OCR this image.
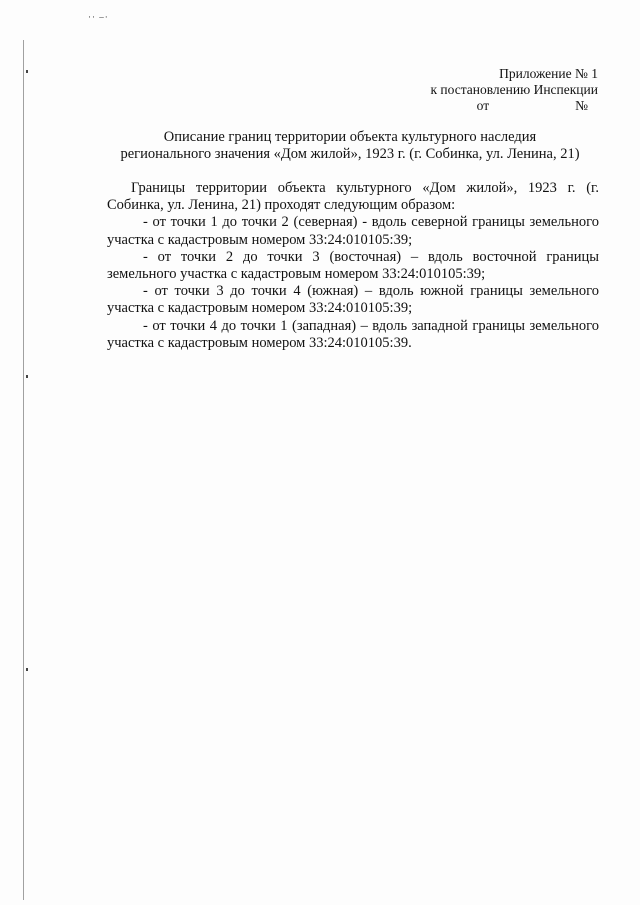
·· –·
Приложение № 1
к постановлению Инспекции
от	№
Описание границ территории объекта культурного наследия
регионального значения «Дом жилой», 1923 г. (г. Собинка, ул. Ленина, 21)

Границы территории объекта культурного «Дом жилой», 1923 г. (г. Собинка, ул. Ленина, 21) проходят следующим образом:

- от точки 1 до точки 2 (северная) - вдоль северной границы земельного участка с кадастровым номером 33:24:010105:39;

- от точки 2 до точки 3 (восточная) – вдоль восточной границы земельного участка с кадастровым номером 33:24:010105:39;

- от точки 3 до точки 4 (южная) – вдоль южной границы земельного участка с кадастровым номером 33:24:010105:39;

- от точки 4 до точки 1 (западная) – вдоль западной границы земельного участка с кадастровым номером 33:24:010105:39.
